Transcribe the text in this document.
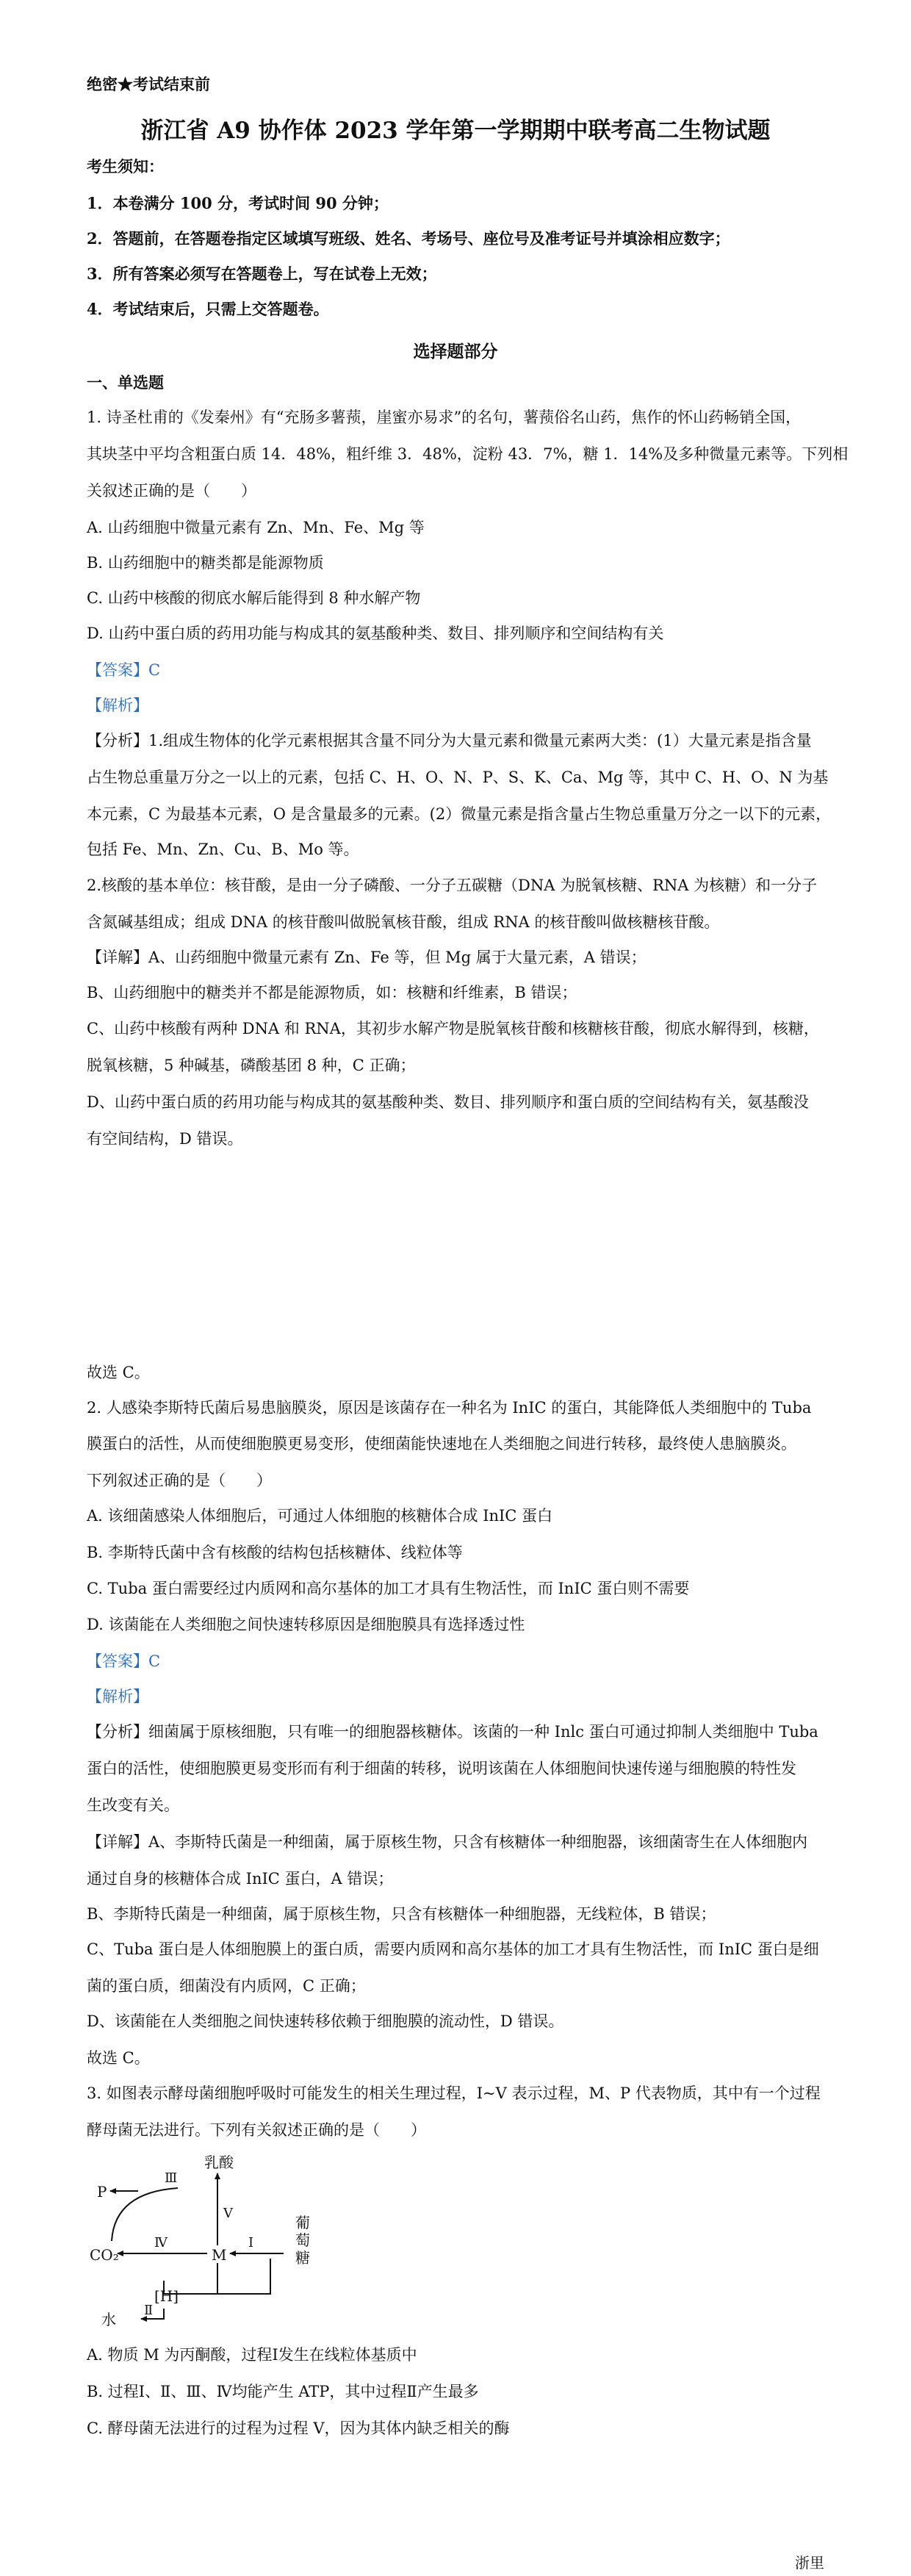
绝密★考试结束前
浙江省 A9 协作体 2023 学年第一学期期中联考高二生物试题
考生须知：
1．本卷满分 100 分，考试时间 90 分钟；
2．答题前，在答题卷指定区域填写班级、姓名、考场号、座位号及准考证号并填涂相应数字；
3．所有答案必须写在答题卷上，写在试卷上无效；
4．考试结束后，只需上交答题卷。
选择题部分
一、单选题
1. 诗圣杜甫的《发秦州》有“充肠多薯蓣，崖蜜亦易求”的名句，薯蓣俗名山药，焦作的怀山药畅销全国，
其块茎中平均含粗蛋白质 14．48%，粗纤维 3．48%，淀粉 43．7%，糖 1．14%及多种微量元素等。下列相
关叙述正确的是（　　）
A. 山药细胞中微量元素有 Zn、Mn、Fe、Mg 等
B. 山药细胞中的糖类都是能源物质
C. 山药中核酸的彻底水解后能得到 8 种水解产物
D. 山药中蛋白质的药用功能与构成其的氨基酸种类、数目、排列顺序和空间结构有关
【答案】C
【解析】
【分析】1.组成生物体的化学元素根据其含量不同分为大量元素和微量元素两大类：(1）大量元素是指含量
占生物总重量万分之一以上的元素，包括 C、H、O、N、P、S、K、Ca、Mg 等，其中 C、H、O、N 为基
本元素，C 为最基本元素，O 是含量最多的元素。(2）微量元素是指含量占生物总重量万分之一以下的元素，
包括 Fe、Mn、Zn、Cu、B、Mo 等。
2.核酸的基本单位：核苷酸，是由一分子磷酸、一分子五碳糖（DNA 为脱氧核糖、RNA 为核糖）和一分子
含氮碱基组成；组成 DNA 的核苷酸叫做脱氧核苷酸，组成 RNA 的核苷酸叫做核糖核苷酸。
【详解】A、山药细胞中微量元素有 Zn、Fe 等，但 Mg 属于大量元素，A 错误；
B、山药细胞中的糖类并不都是能源物质，如：核糖和纤维素，B 错误；
C、山药中核酸有两种 DNA 和 RNA，其初步水解产物是脱氧核苷酸和核糖核苷酸，彻底水解得到，核糖，
脱氧核糖，5 种碱基，磷酸基团 8 种，C 正确；
D、山药中蛋白质的药用功能与构成其的氨基酸种类、数目、排列顺序和蛋白质的空间结构有关，氨基酸没
有空间结构，D 错误。
故选 C。
2. 人感染李斯特氏菌后易患脑膜炎，原因是该菌存在一种名为 InIC 的蛋白，其能降低人类细胞中的 Tuba
膜蛋白的活性，从而使细胞膜更易变形，使细菌能快速地在人类细胞之间进行转移，最终使人患脑膜炎。
下列叙述正确的是（　　）
A. 该细菌感染人体细胞后，可通过人体细胞的核糖体合成 InIC 蛋白
B. 李斯特氏菌中含有核酸的结构包括核糖体、线粒体等
C. Tuba 蛋白需要经过内质网和高尔基体的加工才具有生物活性，而 InIC 蛋白则不需要
D. 该菌能在人类细胞之间快速转移原因是细胞膜具有选择透过性
【答案】C
【解析】
【分析】细菌属于原核细胞，只有唯一的细胞器核糖体。该菌的一种 Inlc 蛋白可通过抑制人类细胞中 Tuba
蛋白的活性，使细胞膜更易变形而有利于细菌的转移，说明该菌在人体细胞间快速传递与细胞膜的特性发
生改变有关。
【详解】A、李斯特氏菌是一种细菌，属于原核生物，只含有核糖体一种细胞器，该细菌寄生在人体细胞内
通过自身的核糖体合成 InIC 蛋白，A 错误；
B、李斯特氏菌是一种细菌，属于原核生物，只含有核糖体一种细胞器，无线粒体，B 错误；
C、Tuba 蛋白是人体细胞膜上的蛋白质，需要内质网和高尔基体的加工才具有生物活性，而 InIC 蛋白是细
菌的蛋白质，细菌没有内质网，C 正确；
D、该菌能在人类细胞之间快速转移依赖于细胞膜的流动性，D 错误。
故选 C。
3. 如图表示酵母菌细胞呼吸时可能发生的相关生理过程，I~V 表示过程，M、P 代表物质，其中有一个过程
酵母菌无法进行。下列有关叙述正确的是（　　）
乳酸
P
CO₂	M
水
[H]
Ⅲ
Ⅴ
Ⅰ
Ⅳ
Ⅱ
葡 萄 糖
A. 物质 M 为丙酮酸，过程Ⅰ发生在线粒体基质中
B. 过程Ⅰ、Ⅱ、Ⅲ、Ⅳ均能产生 ATP，其中过程Ⅱ产生最多
C. 酵母菌无法进行的过程为过程 V，因为其体内缺乏相关的酶
浙里
